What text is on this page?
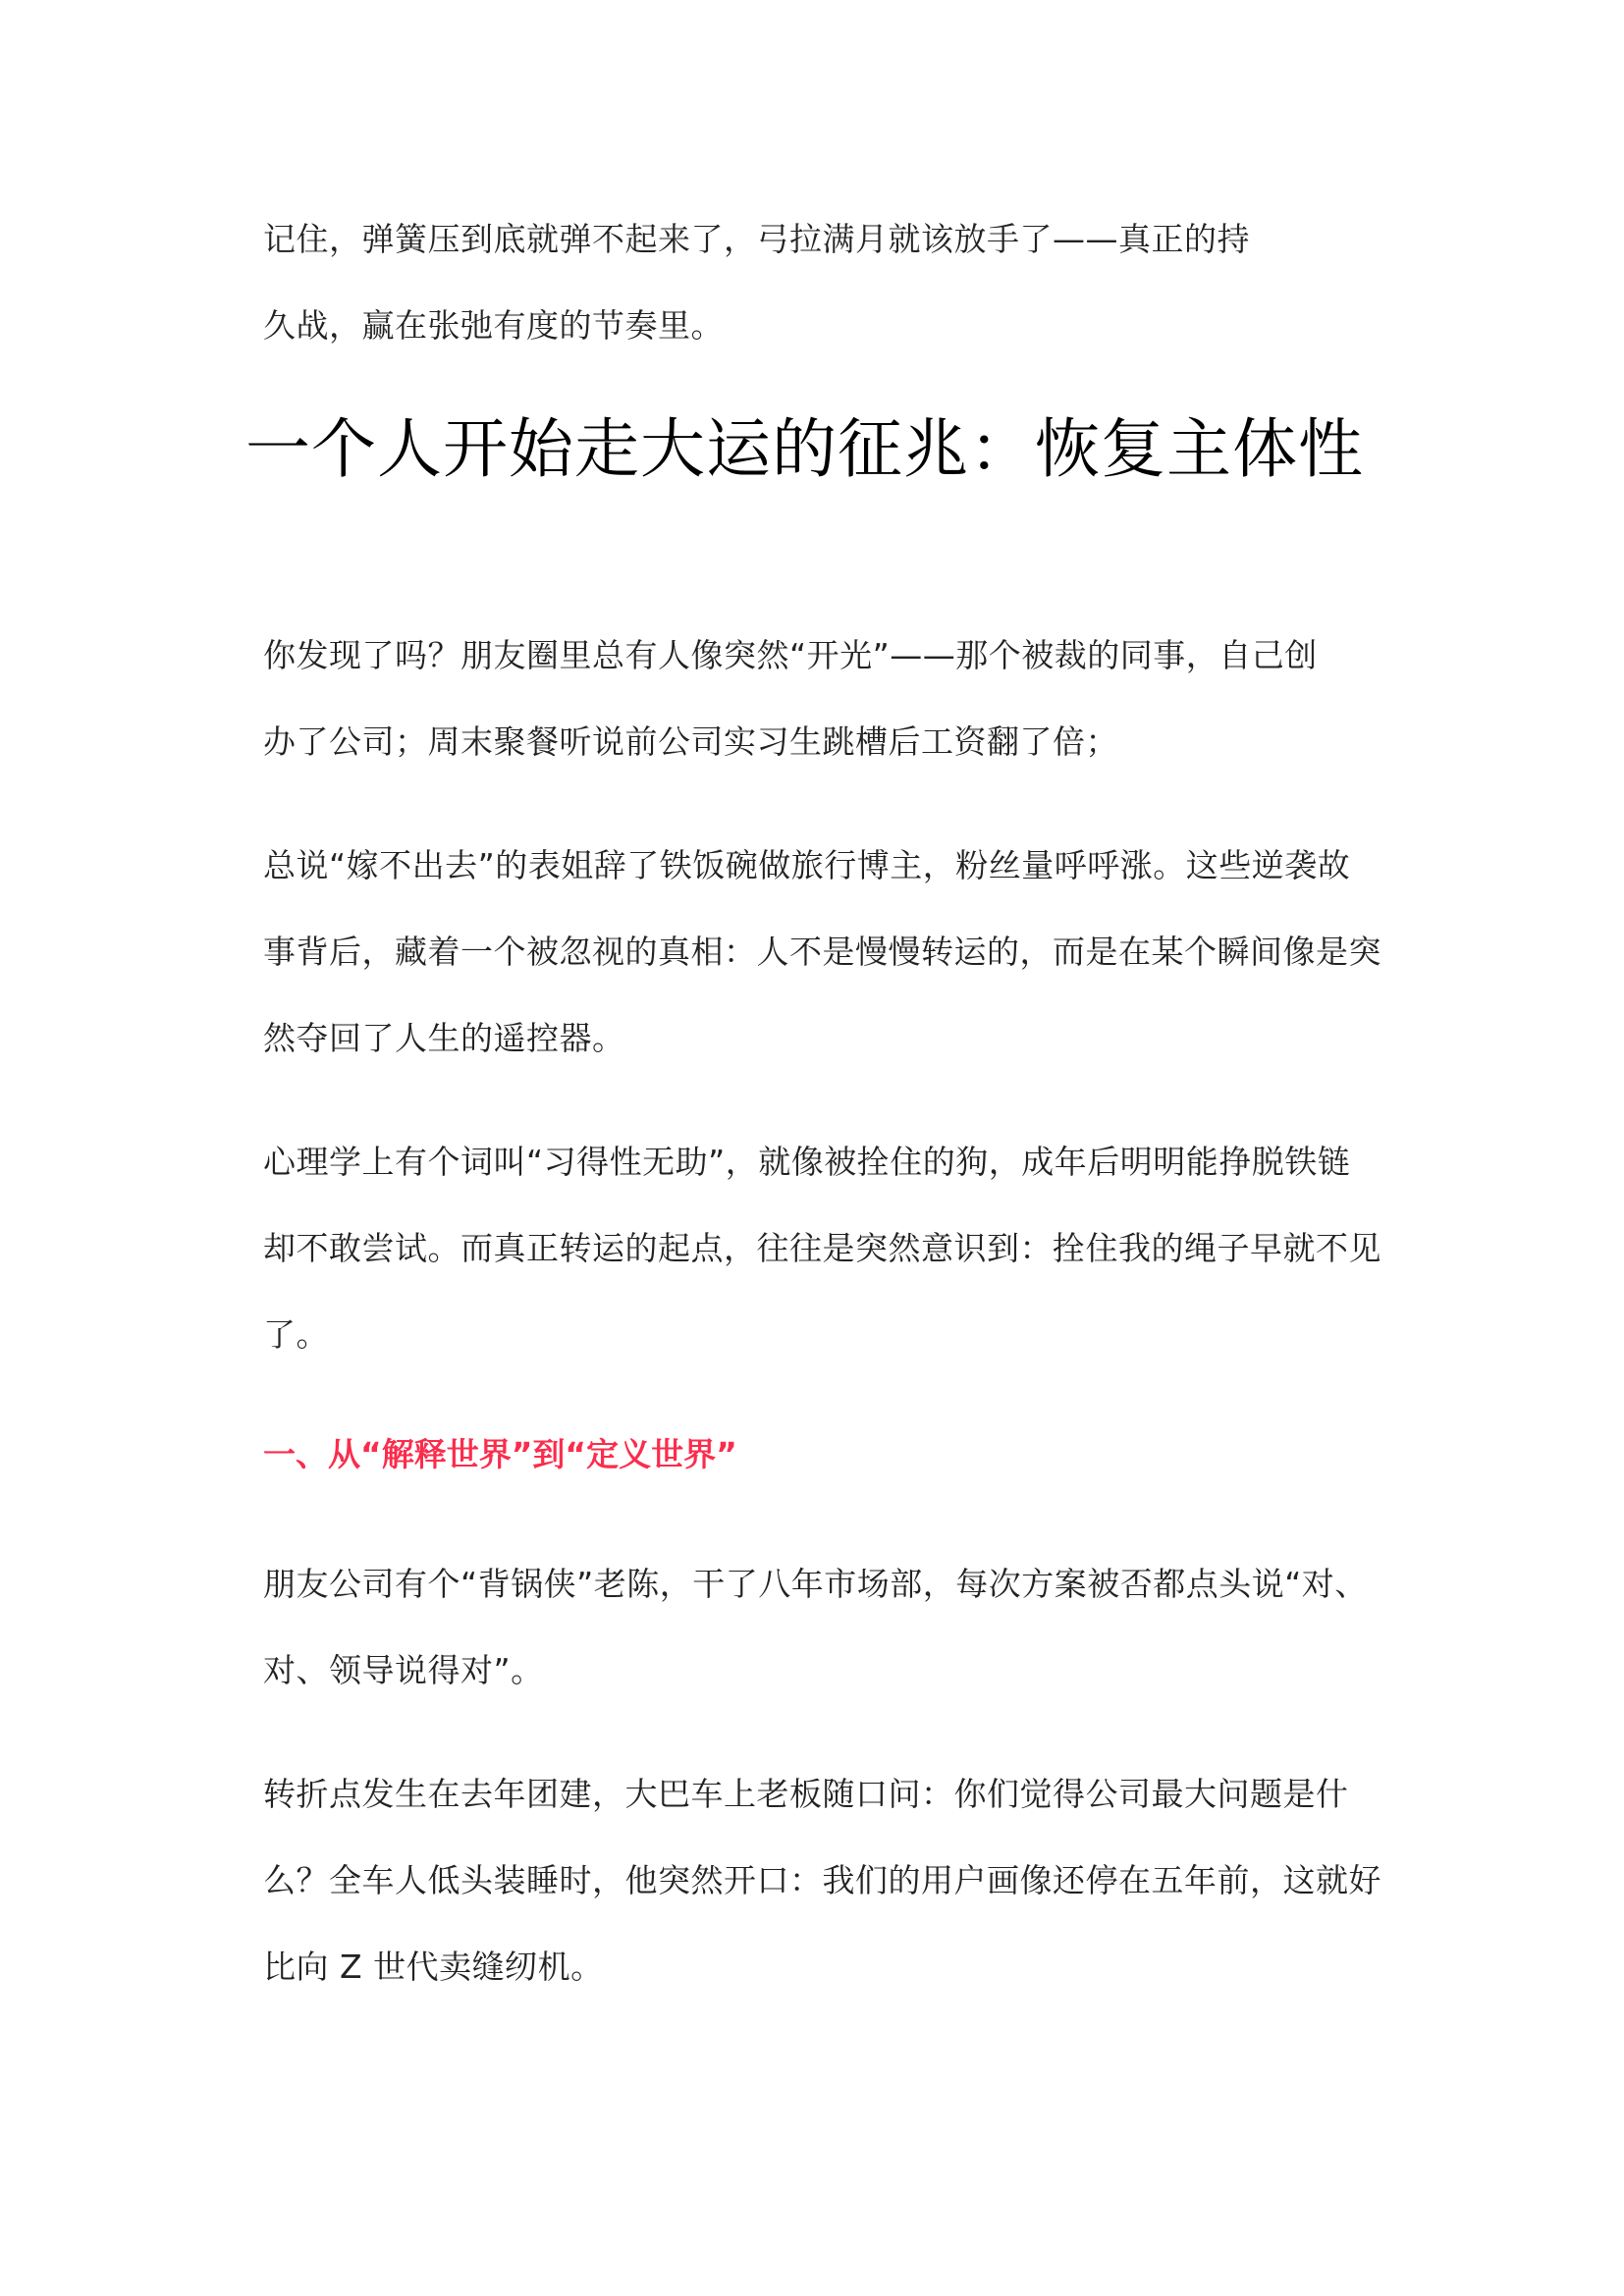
记住，弹簧压到底就弹不起来了，弓拉满月就该放手了——真正的持
久战，赢在张弛有度的节奏里。
一个人开始走大运的征兆：恢复主体性
你发现了吗？朋友圈里总有人像突然“开光”——那个被裁的同事，自己创
办了公司；周末聚餐听说前公司实习生跳槽后工资翻了倍；
总说“嫁不出去”的表姐辞了铁饭碗做旅行博主，粉丝量呼呼涨。这些逆袭故
事背后，藏着一个被忽视的真相：人不是慢慢转运的，而是在某个瞬间像是突
然夺回了人生的遥控器。
心理学上有个词叫“习得性无助”，就像被拴住的狗，成年后明明能挣脱铁链
却不敢尝试。而真正转运的起点，往往是突然意识到：拴住我的绳子早就不见
了。
一、从“解释世界”到“定义世界”
朋友公司有个“背锅侠”老陈，干了八年市场部，每次方案被否都点头说“对、
对、领导说得对”。
转折点发生在去年团建，大巴车上老板随口问：你们觉得公司最大问题是什
么？全车人低头装睡时，他突然开口：我们的用户画像还停在五年前，这就好
比向 Z 世代卖缝纫机。
